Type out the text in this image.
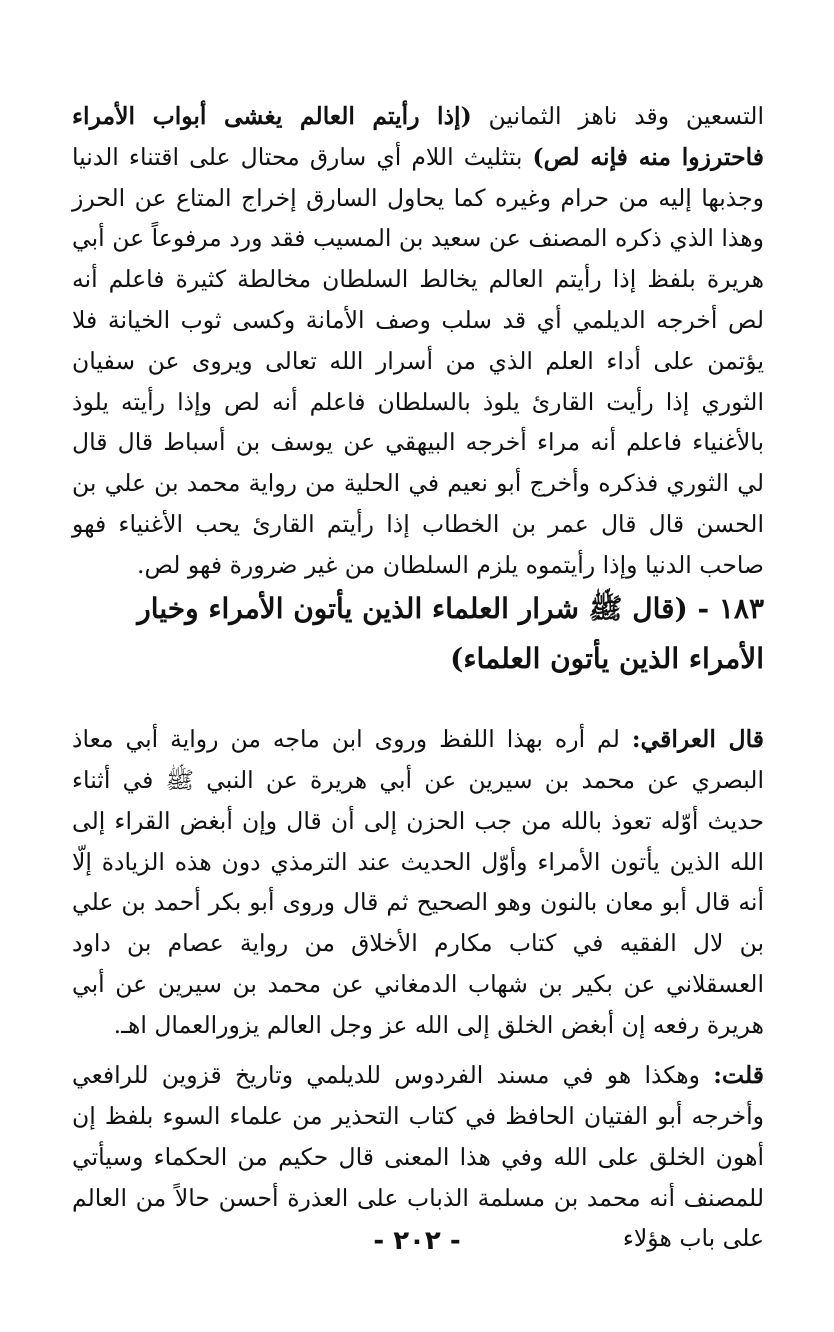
التسعين وقد ناهز الثمانين (إذا رأيتم العالم يغشى أبواب الأمراء فاحترزوا منه فإنه لص) بتثليث اللام أي سارق محتال على اقتناء الدنيا وجذبها إليه من حرام وغيره كما يحاول السارق إخراج المتاع عن الحرز وهذا الذي ذكره المصنف عن سعيد بن المسيب فقد ورد مرفوعاً عن أبي هريرة بلفظ إذا رأيتم العالم يخالط السلطان مخالطة كثيرة فاعلم أنه لص أخرجه الديلمي أي قد سلب وصف الأمانة وكسى ثوب الخيانة فلا يؤتمن على أداء العلم الذي من أسرار الله تعالى ويروى عن سفيان الثوري إذا رأيت القارئ يلوذ بالسلطان فاعلم أنه لص وإذا رأيته يلوذ بالأغنياء فاعلم أنه مراء أخرجه البيهقي عن يوسف بن أسباط قال قال لي الثوري فذكره وأخرج أبو نعيم في الحلية من رواية محمد بن علي بن الحسن قال قال عمر بن الخطاب إذا رأيتم القارئ يحب الأغنياء فهو صاحب الدنيا وإذا رأيتموه يلزم السلطان من غير ضرورة فهو لص.

١٨٣ - (قال ﷺ شرار العلماء الذين يأتون الأمراء وخيار الأمراء الذين يأتون العلماء)

قال العراقي: لم أره بهذا اللفظ وروى ابن ماجه من رواية أبي معاذ البصري عن محمد بن سيرين عن أبي هريرة عن النبي ﷺ في أثناء حديث أوّله تعوذ بالله من جب الحزن إلى أن قال وإن أبغض القراء إلى الله الذين يأتون الأمراء وأوّل الحديث عند الترمذي دون هذه الزيادة إلّا أنه قال أبو معان بالنون وهو الصحيح ثم قال وروى أبو بكر أحمد بن علي بن لال الفقيه في كتاب مكارم الأخلاق من رواية عصام بن داود العسقلاني عن بكير بن شهاب الدمغاني عن محمد بن سيرين عن أبي هريرة رفعه إن أبغض الخلق إلى الله عز وجل العالم يزورالعمال اهـ.

قلت: وهكذا هو في مسند الفردوس للديلمي وتاريخ قزوين للرافعي وأخرجه أبو الفتيان الحافظ في كتاب التحذير من علماء السوء بلفظ إن أهون الخلق على الله وفي هذا المعنى قال حكيم من الحكماء وسيأتي للمصنف أنه محمد بن مسلمة الذباب على العذرة أحسن حالاً من العالم على باب هؤلاء

- ٢٠٢ -
